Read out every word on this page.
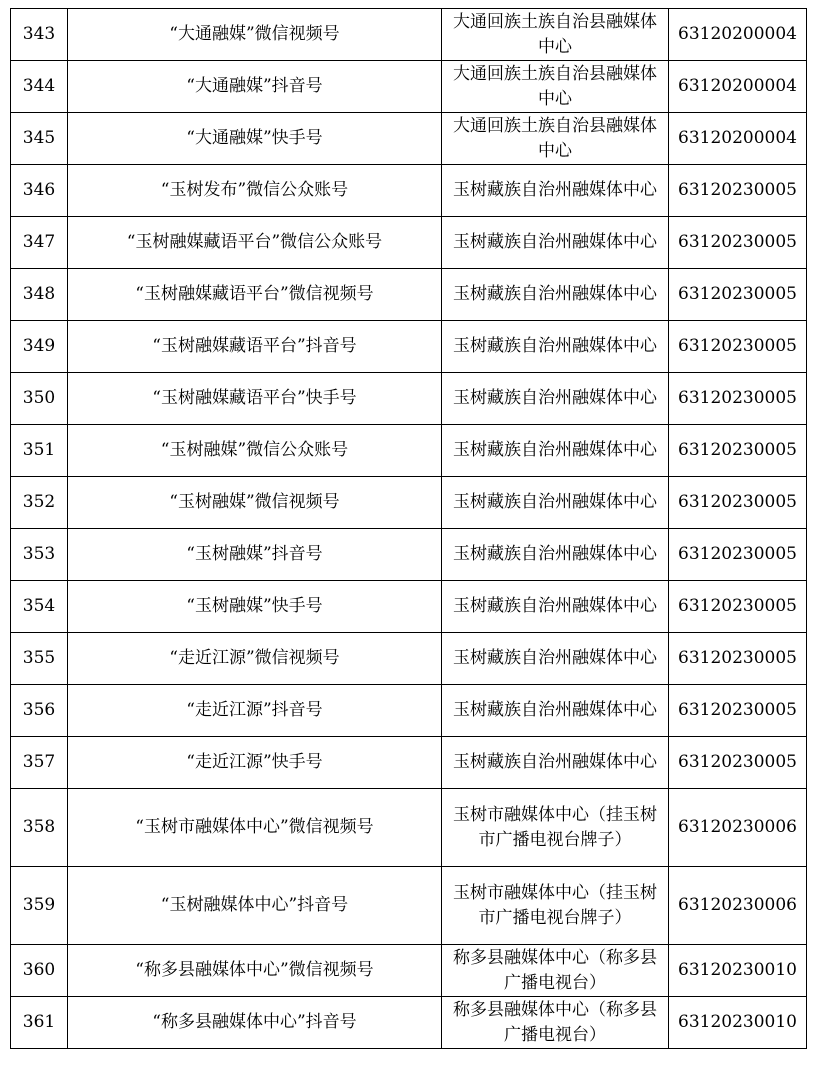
343	“大通融媒”微信视频号	大通回族土族自治县融媒体中心	63120200004
344	“大通融媒”抖音号	大通回族土族自治县融媒体中心	63120200004
345	“大通融媒”快手号	大通回族土族自治县融媒体中心	63120200004
346	“玉树发布”微信公众账号	玉树藏族自治州融媒体中心	63120230005
347	“玉树融媒藏语平台”微信公众账号	玉树藏族自治州融媒体中心	63120230005
348	“玉树融媒藏语平台”微信视频号	玉树藏族自治州融媒体中心	63120230005
349	“玉树融媒藏语平台”抖音号	玉树藏族自治州融媒体中心	63120230005
350	“玉树融媒藏语平台”快手号	玉树藏族自治州融媒体中心	63120230005
351	“玉树融媒”微信公众账号	玉树藏族自治州融媒体中心	63120230005
352	“玉树融媒”微信视频号	玉树藏族自治州融媒体中心	63120230005
353	“玉树融媒”抖音号	玉树藏族自治州融媒体中心	63120230005
354	“玉树融媒”快手号	玉树藏族自治州融媒体中心	63120230005
355	“走近江源”微信视频号	玉树藏族自治州融媒体中心	63120230005
356	“走近江源”抖音号	玉树藏族自治州融媒体中心	63120230005
357	“走近江源”快手号	玉树藏族自治州融媒体中心	63120230005
358	“玉树市融媒体中心”微信视频号	玉树市融媒体中心（挂玉树市广播电视台牌子）	63120230006
359	“玉树融媒体中心”抖音号	玉树市融媒体中心（挂玉树市广播电视台牌子）	63120230006
360	“称多县融媒体中心”微信视频号	称多县融媒体中心（称多县广播电视台）	63120230010
361	“称多县融媒体中心”抖音号	称多县融媒体中心（称多县广播电视台）	63120230010
